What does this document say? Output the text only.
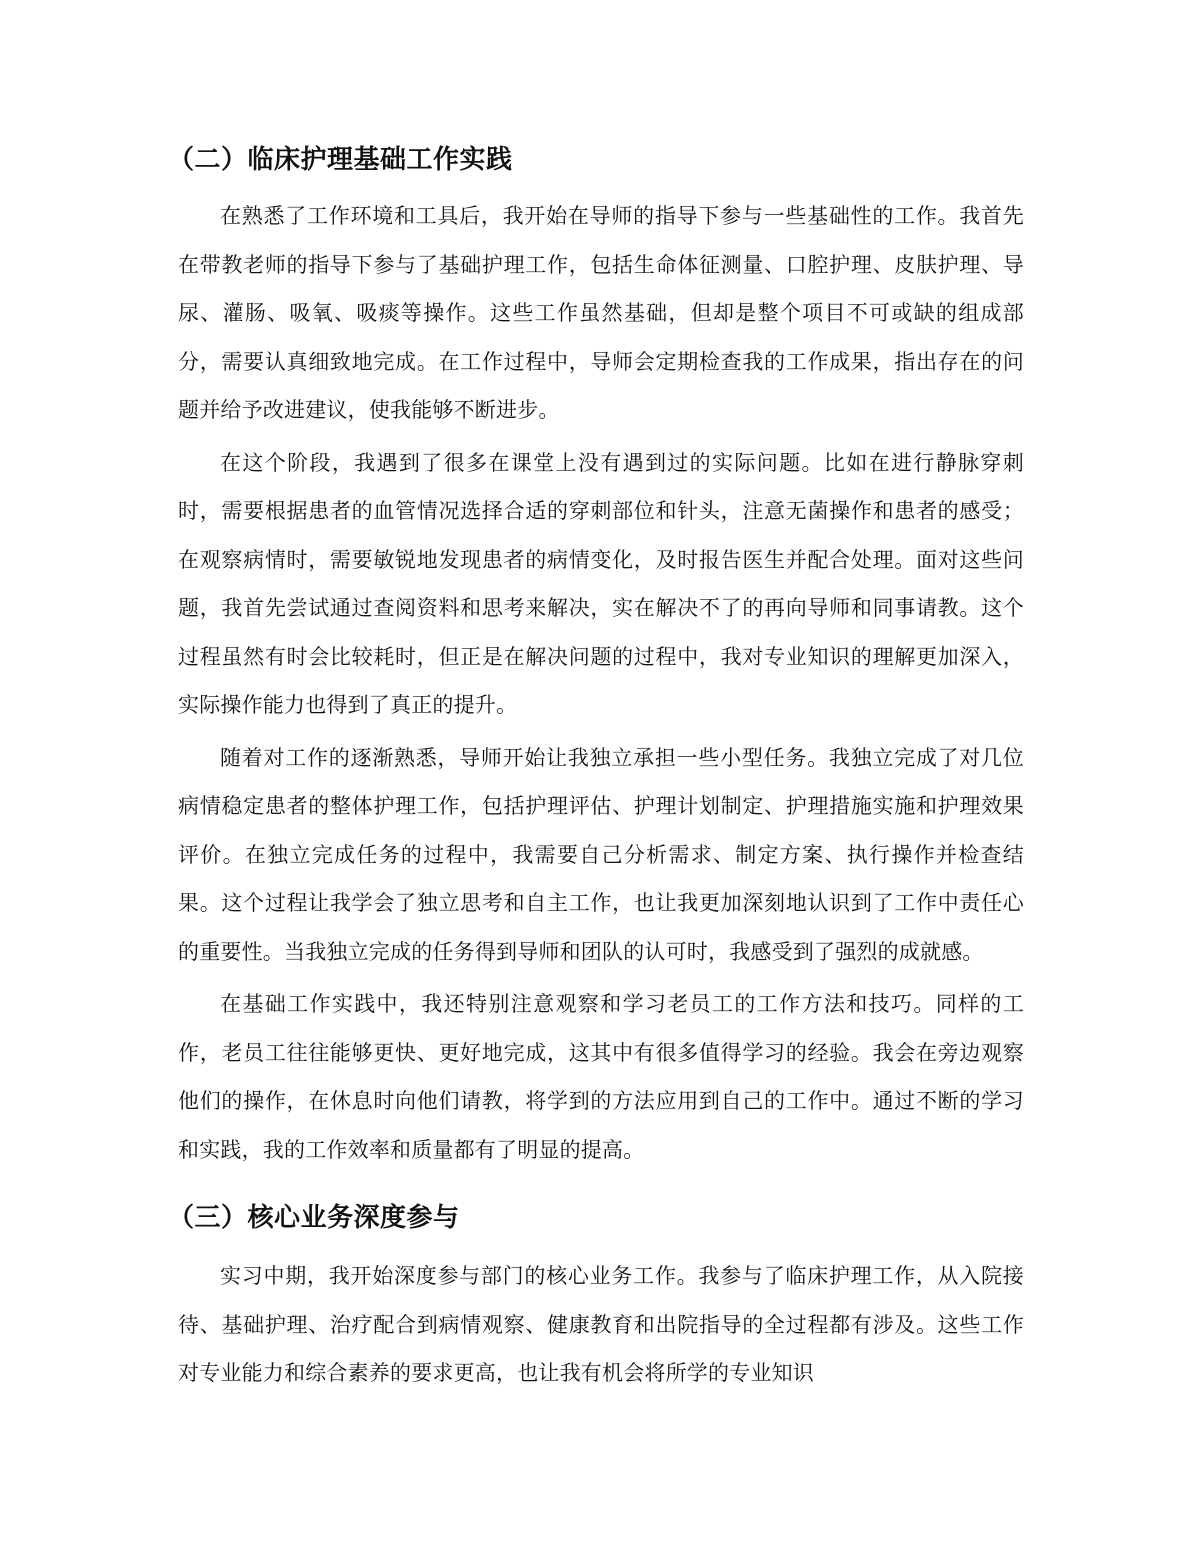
（二）临床护理基础工作实践

在熟悉了工作环境和工具后，我开始在导师的指导下参与一些基础性的工作。我首先在带教老师的指导下参与了基础护理工作，包括生命体征测量、口腔护理、皮肤护理、导尿、灌肠、吸氧、吸痰等操作。这些工作虽然基础，但却是整个项目不可或缺的组成部分，需要认真细致地完成。在工作过程中，导师会定期检查我的工作成果，指出存在的问题并给予改进建议，使我能够不断进步。

在这个阶段，我遇到了很多在课堂上没有遇到过的实际问题。比如在进行静脉穿刺时，需要根据患者的血管情况选择合适的穿刺部位和针头，注意无菌操作和患者的感受；在观察病情时，需要敏锐地发现患者的病情变化，及时报告医生并配合处理。面对这些问题，我首先尝试通过查阅资料和思考来解决，实在解决不了的再向导师和同事请教。这个过程虽然有时会比较耗时，但正是在解决问题的过程中，我对专业知识的理解更加深入，实际操作能力也得到了真正的提升。

随着对工作的逐渐熟悉，导师开始让我独立承担一些小型任务。我独立完成了对几位病情稳定患者的整体护理工作，包括护理评估、护理计划制定、护理措施实施和护理效果评价。在独立完成任务的过程中，我需要自己分析需求、制定方案、执行操作并检查结果。这个过程让我学会了独立思考和自主工作，也让我更加深刻地认识到了工作中责任心的重要性。当我独立完成的任务得到导师和团队的认可时，我感受到了强烈的成就感。

在基础工作实践中，我还特别注意观察和学习老员工的工作方法和技巧。同样的工作，老员工往往能够更快、更好地完成，这其中有很多值得学习的经验。我会在旁边观察他们的操作，在休息时向他们请教，将学到的方法应用到自己的工作中。通过不断的学习和实践，我的工作效率和质量都有了明显的提高。

（三）核心业务深度参与

实习中期，我开始深度参与部门的核心业务工作。我参与了临床护理工作，从入院接待、基础护理、治疗配合到病情观察、健康教育和出院指导的全过程都有涉及。这些工作对专业能力和综合素养的要求更高，也让我有机会将所学的专业知识
